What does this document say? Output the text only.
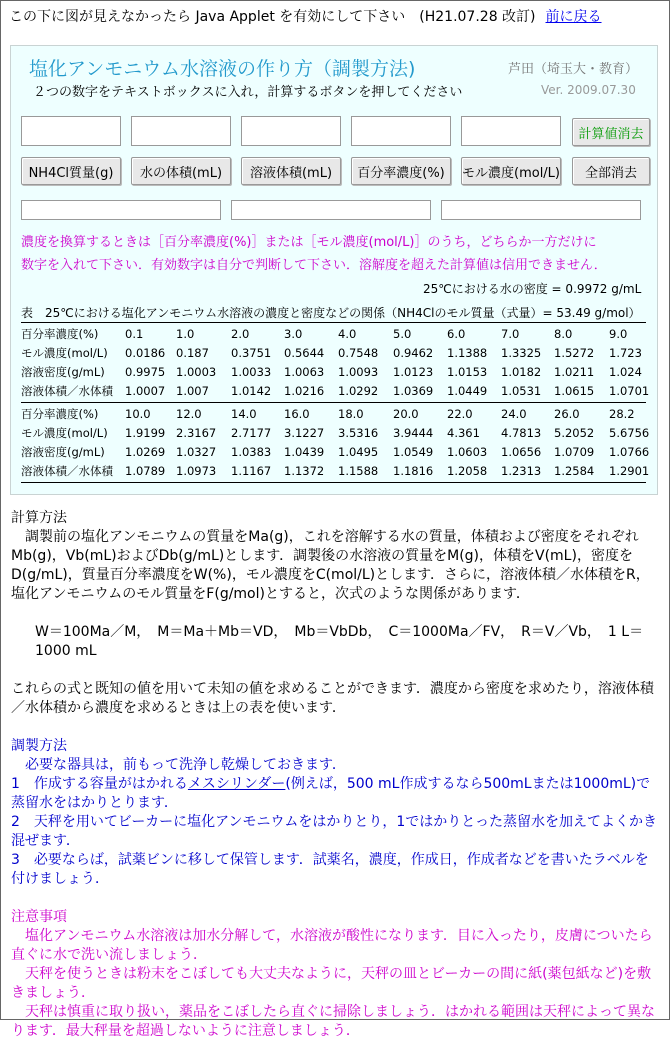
この下に図が見えなかったら Java Applet を有効にして下さい　(H21.07.28 改訂) 前に戻る
塩化アンモニウム水溶液の作り方（調製方法)	芦田（埼玉大・教育）
２つの数字をテキストボックスに入れ，計算するボタンを押してください	Ver. 2009.07.30
計算値消去
NH4Cl質量(g)	水の体積(mL)	溶液体積(mL)	百分率濃度(%)	モル濃度(mol/L)	全部消去
濃度を換算するときは［百分率濃度(%)］または［モル濃度(mol/L)］のうち，どちらか一方だけに
数字を入れて下さい．有効数字は自分で判断して下さい．溶解度を超えた計算値は信用できません．
25℃における水の密度 = 0.9972 g/mL
表　25℃における塩化アンモニウム水溶液の濃度と密度などの関係（NH4Clのモル質量（式量）= 53.49 g/mol）
百分率濃度(%) 0.1	1.0	2.0	3.0	4.0	5.0	6.0	7.0	8.0	9.0
モル濃度(mol/L) 0.0186 0.187 0.3751 0.5644 0.7548 0.9462 1.1388 1.3325 1.5272 1.723
溶液密度(g/mL) 0.9975 1.0003 1.0033 1.0063 1.0093 1.0123 1.0153 1.0182 1.0211 1.024
溶液体積／水体積 1.0007 1.007 1.0142 1.0216 1.0292 1.0369 1.0449 1.0531 1.0615 1.0701
百分率濃度(%) 10.0 12.0	14.0 16.0 18.0	20.0 22.0 24.0 26.0	28.2
モル濃度(mol/L) 1.9199 2.3167 2.7177 3.1227 3.5316 3.9444 4.361 4.7813 5.2052 5.6756
溶液密度(g/mL) 1.0269 1.0327 1.0383 1.0439 1.0495 1.0549 1.0603 1.0656 1.0709 1.0766
溶液体積／水体積 1.0789 1.0973 1.1167 1.1372 1.1588 1.1816 1.2058 1.2313 1.2584 1.2901

計算方法

調製前の塩化アンモニウムの質量をMa(g)，これを溶解する水の質量，体積および密度をそれぞれMb(g)，Vb(mL)およびDb(g/mL)とします．調製後の水溶液の質量をM(g)，体積をV(mL)，密度をD(g/mL)，質量百分率濃度をW(%)，モル濃度をC(mol/L)とします．さらに，溶液体積／水体積をR，塩化アンモニウムのモル質量をF(g/mol)とすると，次式のような関係があります．

W＝100Ma／M，　M＝Ma＋Mb＝VD，　Mb＝VbDb，　C＝1000Ma／FV，　R＝V／Vb，　1 L＝1000 mL

これらの式と既知の値を用いて未知の値を求めることができます．濃度から密度を求めたり，溶液体積／水体積から濃度を求めるときは上の表を使います．

調製方法

必要な器具は，前もって洗浄し乾燥しておきます．

1　作成する容量がはかれるメスシリンダー(例えば，500 mL作成するなら500mLまたは1000mL)で蒸留水をはかりとります．

2　天秤を用いてビーカーに塩化アンモニウムをはかりとり，1ではかりとった蒸留水を加えてよくかき混ぜます．

3　必要ならば，試薬ビンに移して保管します．試薬名，濃度，作成日，作成者などを書いたラベルを付けましょう．

注意事項

塩化アンモニウム水溶液は加水分解して，水溶液が酸性になります．目に入ったり，皮膚についたら直ぐに水で洗い流しましょう．

天秤を使うときは粉末をこぼしても大丈夫なように，天秤の皿とビーカーの間に紙(薬包紙など)を敷きましょう．

天秤は慎重に取り扱い，薬品をこぼしたら直ぐに掃除しましょう．はかれる範囲は天秤によって異なります．最大秤量を超過しないように注意しましょう．
